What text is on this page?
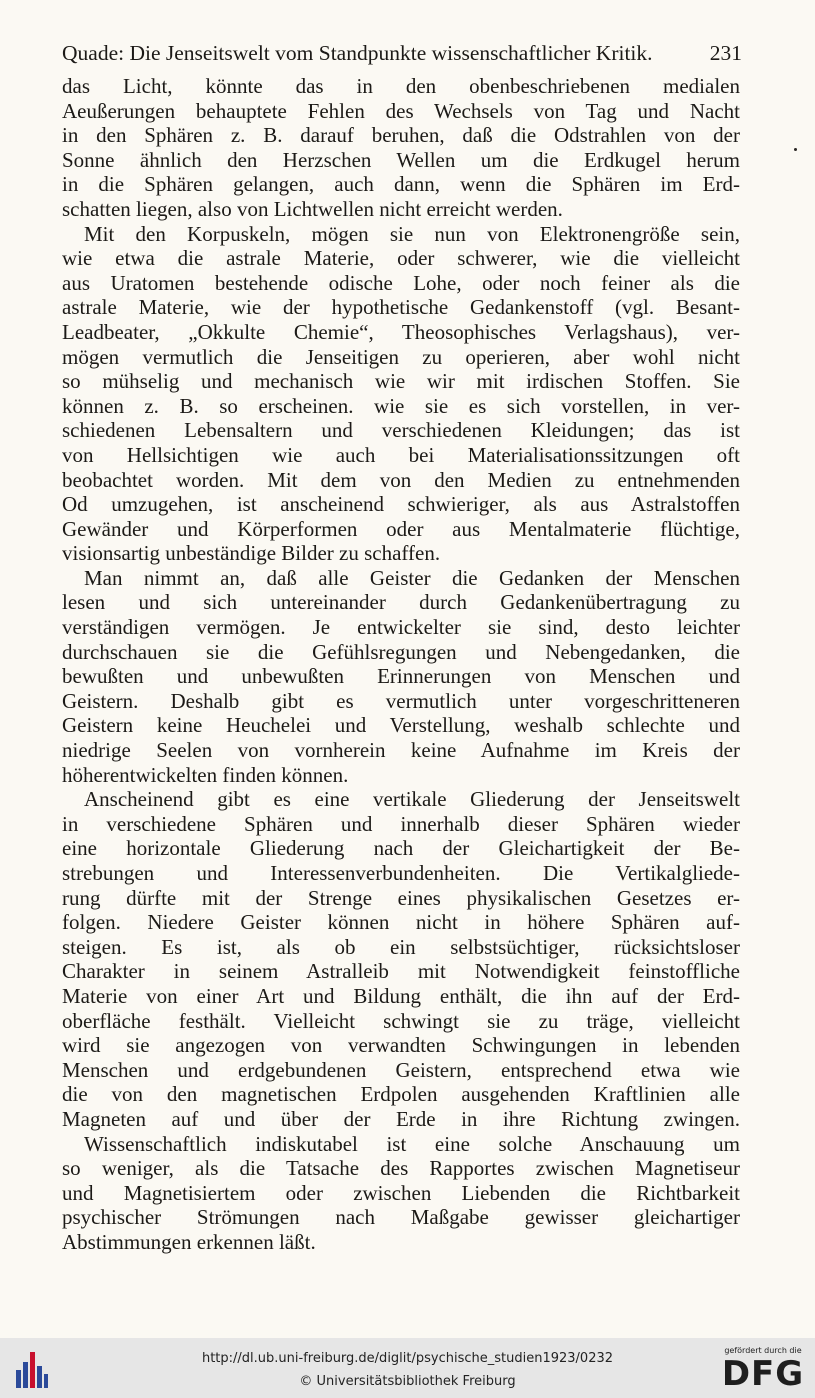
Quade: Die Jenseitswelt vom Standpunkte wissenschaftlicher Kritik.	231
das Licht, könnte das in den obenbeschriebenen medialen
Aeußerungen behauptete Fehlen des Wechsels von Tag und Nacht
in den Sphären z. B. darauf beruhen, daß die Odstrahlen von der
Sonne ähnlich den Herzschen Wellen um die Erdkugel herum
in die Sphären gelangen, auch dann, wenn die Sphären im Erd-
schatten liegen, also von Lichtwellen nicht erreicht werden.
Mit den Korpuskeln, mögen sie nun von Elektronengröße sein,
wie etwa die astrale Materie, oder schwerer, wie die vielleicht
aus Uratomen bestehende odische Lohe, oder noch feiner als die
astrale Materie, wie der hypothetische Gedankenstoff (vgl. Besant-
Leadbeater, „Okkulte Chemie“, Theosophisches Verlagshaus), ver-
mögen vermutlich die Jenseitigen zu operieren, aber wohl nicht
so mühselig und mechanisch wie wir mit irdischen Stoffen. Sie
können z. B. so erscheinen. wie sie es sich vorstellen, in ver-
schiedenen Lebensaltern und verschiedenen Kleidungen; das ist
von Hellsichtigen wie auch bei Materialisationssitzungen oft
beobachtet worden. Mit dem von den Medien zu entnehmenden
Od umzugehen, ist anscheinend schwieriger, als aus Astralstoffen
Gewänder und Körperformen oder aus Mentalmaterie flüchtige,
visionsartig unbeständige Bilder zu schaffen.
Man nimmt an, daß alle Geister die Gedanken der Menschen
lesen und sich untereinander durch Gedankenübertragung zu
verständigen vermögen. Je entwickelter sie sind, desto leichter
durchschauen sie die Gefühlsregungen und Nebengedanken, die
bewußten und unbewußten Erinnerungen von Menschen und
Geistern. Deshalb gibt es vermutlich unter vorgeschritteneren
Geistern keine Heuchelei und Verstellung, weshalb schlechte und
niedrige Seelen von vornherein keine Aufnahme im Kreis der
höherentwickelten finden können.
Anscheinend gibt es eine vertikale Gliederung der Jenseitswelt
in verschiedene Sphären und innerhalb dieser Sphären wieder
eine horizontale Gliederung nach der Gleichartigkeit der Be-
strebungen und Interessenverbundenheiten. Die Vertikalgliede-
rung dürfte mit der Strenge eines physikalischen Gesetzes er-
folgen. Niedere Geister können nicht in höhere Sphären auf-
steigen. Es ist, als ob ein selbstsüchtiger, rücksichtsloser
Charakter in seinem Astralleib mit Notwendigkeit feinstoffliche
Materie von einer Art und Bildung enthält, die ihn auf der Erd-
oberfläche festhält. Vielleicht schwingt sie zu träge, vielleicht
wird sie angezogen von verwandten Schwingungen in lebenden
Menschen und erdgebundenen Geistern, entsprechend etwa wie
die von den magnetischen Erdpolen ausgehenden Kraftlinien alle
Magneten auf und über der Erde in ihre Richtung zwingen.
Wissenschaftlich indiskutabel ist eine solche Anschauung um
so weniger, als die Tatsache des Rapportes zwischen Magnetiseur
und Magnetisiertem oder zwischen Liebenden die Richtbarkeit
psychischer Strömungen nach Maßgabe gewisser gleichartiger
Abstimmungen erkennen läßt.
http://dl.ub.uni-freiburg.de/diglit/psychische_studien1923/0232
© Universitätsbibliothek Freiburg
gefördert durch die
DFG
